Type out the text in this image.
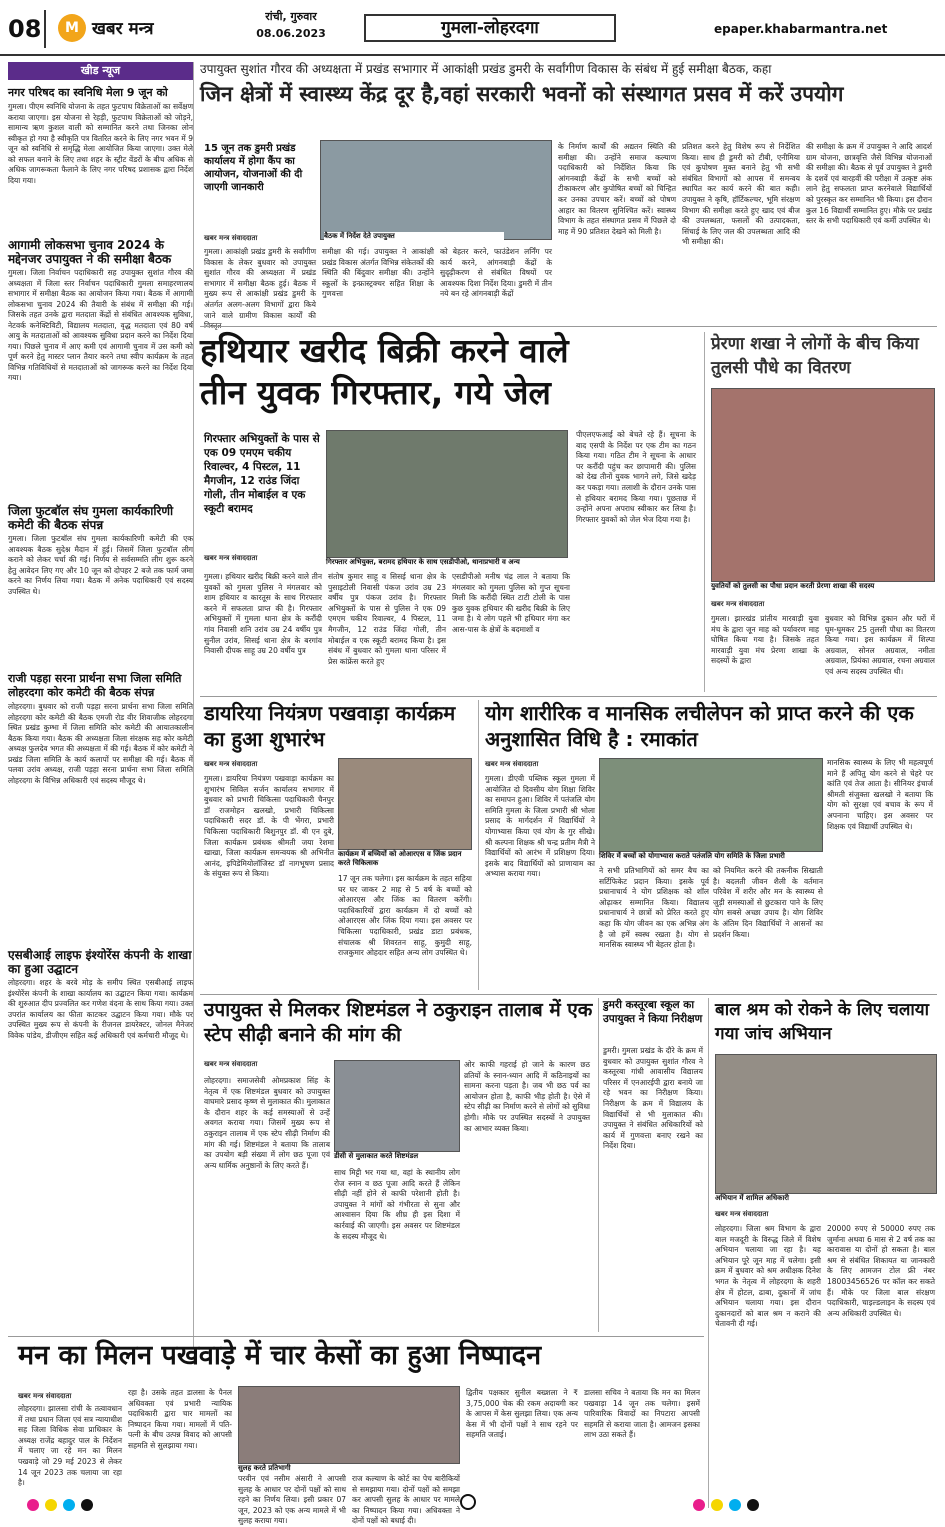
08	M खबर मन्त्र
रांची, गुरुवार
08.06.2023	गुमला-लोहरदगा	epaper.khabarmantra.net
खीड न्यूज
नगर परिषद का स्वनिधि मेला 9 जून को
गुमला। पीएम स्वनिधि योजना के तहत फुटपाथ विक्रेताओं का सर्वेक्षण कराया जाएगा। इस योजना से रेहड़ी, फुटपाथ विक्रेताओं को जोड़ने, सामान्य ऋण कुशल वाली को सम्मानित करने तथा जिनका लोन स्वीकृत हो गया है स्वीकृति पत्र वितरित करने के लिए नगर भवन में 9 जून को स्वनिधि से समृद्धि मेला आयोजित किया जाएगा। उक्त मेले को सफल बनाने के लिए तथा शहर के स्ट्रीट वेंडरों के बीच अधिक से अधिक जागरूकता फैलाने के लिए नगर परिषद प्रशासक द्वारा निर्देश दिया गया।
आगामी लोकसभा चुनाव 2024 के मद्देनजर उपायुक्त ने की समीक्षा बैठक
गुमला। जिला निर्वाचन पदाधिकारी सह उपायुक्त सुशांत गौरव की अध्यक्षता में जिला स्तर निर्वाचन पदाधिकारी गुमला समाहरणालय सभागार में समीक्षा बैठक का आयोजन किया गया। बैठक में आगामी लोकसभा चुनाव 2024 की तैयारी के संबंध में समीक्षा की गई। जिसके तहत उनके द्वारा मतदाता केंद्रों से संबंधित आवश्यक सुविधा, नेटवर्क कनेक्टिविटी, विद्यालय मतदाता, वृद्ध मतदाता एवं 80 वर्ष आयु के मतदाताओं को आवश्यक सुविधा प्रदान करने का निर्देश दिया गया। पिछले चुनाव में आए कमी एवं आगामी चुनाव में उस कमी को पूर्ण करने हेतु मास्टर प्लान तैयार करने तथा स्वीप कार्यक्रम के तहत विभिन्न गतिविधियों से मतदाताओं को जागरूक करने का निर्देश दिया गया।
जिला फुटबॉल संघ गुमला कार्यकारिणी कमेटी की बैठक संपन्न
गुमला। जिला फुटबॉल संघ गुमला कार्यकारिणी कमेटी की एक आवश्यक बैठक सुदेश्न मैदान में हुई। जिसमें जिला फुटबॉल लीग कराने को लेकर चर्चा की गई। निर्णय से सर्वसम्मति लीग शुरू करने हेतु आवेदन लिए गए और 10 जून को दोपहर 2 बजे तक फार्म जमा करने का निर्णय लिया गया। बैठक में अनेक पदाधिकारी एवं सदस्य उपस्थित थे।
राजी पड़हा सरना प्रार्थना सभा जिला समिति लोहरदगा कोर कमेटी की बैठक संपन्न
लोहरदगा। बुधवार को राजी पड़हा सरना प्रार्थना सभा जिला समिति लोहरदगा कोर कमेटी की बैठक एमजी रोड वीर शिवाजीक लोहरदगा स्थित प्रखंड कुम्भा में जिला समिति कोर कमेटी की आयातकालीन बैठक किया गया। बैठक की अध्यक्षता जिला संरक्षक सह कोर कमेटी अध्यक्ष फुलदेव भगत की अध्यक्षता में की गई। बैठक में कोर कमेटी ने प्रखंड जिला समिति के कार्य कलापों पर समीक्षा की गई। बैठक में पलवा उरांव अध्यक्ष, राजी पड़हा सरना प्रार्थना सभा जिला समिति लोहरदगा के विभिन्न अधिकारी एवं सदस्य मौजूद थे।
एसबीआई लाइफ इंश्योरेंस कंपनी के शाखा का हुआ उद्घाटन
लोहरदगा। शहर के बरवे मोड़ के समीप स्थित एसबीआई लाइफ इंश्योरेंस कंपनी के शाखा कार्यालय का उद्घाटन किया गया। कार्यक्रम की शुरुआत दीप प्रज्वलित कर गणेश वंदना के साथ किया गया। उक्त उपरांत कार्यालय का फीता काटकर उद्घाटन किया गया। मौके पर उपस्थित मुख्य रूप से कंपनी के रीजनल डायरेक्टर, जोनल मैनेजर विवेक पांडेय, डीजीएम सहित कई अधिकारी एवं कर्मचारी मौजूद थे।
उपायुक्त सुशांत गौरव की अध्यक्षता में प्रखंड सभागार में आकांक्षी प्रखंड डुमरी के सर्वांगीण विकास के संबंध में हुई समीक्षा बैठक, कहा
जिन क्षेत्रों में स्वास्थ्य केंद्र दूर है,वहां सरकारी भवनों को संस्थागत प्रसव में करें उपयोग
15 जून तक डुमरी प्रखंड कार्यालय में होगा कैंप का आयोजन, योजनाओं की दी जाएगी जानकारी
खबर मन्त्र संवाददाता	बैठक में निर्देश देते उपायुक्त
गुमला। आकांक्षी प्रखंड डुमरी के सर्वांगीण विकास के लेकर बुधवार को उपायुक्त सुशांत गौरव की अध्यक्षता में प्रखंड सभागार में समीक्षा बैठक हुई। बैठक में मुख्य रूप से आकांक्षी प्रखंड डुमरी के अंतर्गत अलग-अलग विभागों द्वारा किये जाने वाले ग्रामीण विकास कार्यों की
समीक्षा की गई। उपायुक्त ने आकांक्षी प्रखंड विकास अंतर्गत विभिन्न संकेतकों की स्थिति की बिंदुवार समीक्षा की। उन्होंने स्कूलों के इन्फ्रास्ट्रक्चर सहित शिक्षा के गुणवत्ता
को बेहतर करने, फाउंडेशन लर्निंग पर कार्य करने, आंगनबाड़ी केंद्रों के सुदृढ़ीकरण से संबंधित विषयों पर आवश्यक दिशा निर्देश दिया। डुमरी में तीन नये बन रहे आंगनबाड़ी केंद्रों
के निर्माण कार्यों की अद्यतन स्थिति की समीक्षा की। उन्होंने समाज कल्याण पदाधिकारी को निर्देशित किया कि आंगनबाड़ी केंद्रों के सभी बच्चों को टीकाकरण और कुपोषित बच्चों को चिन्हित कर उनका उपचार करें। बच्चों को पोषण आहार का वितरण सुनिश्चित करें। स्वास्थ्य विभाग के तहत संस्थागत प्रसव में पिछले दो माह में 90 प्रतिशत देखने को मिली है।
प्रतिशत करने हेतु विशेष रूप से निर्देशित किया। साथ ही डुमरी को टीबी, एनीमिया एवं कुपोषण मुक्त बनाने हेतु भी सभी संबंधित विभागों को आपस में समन्वय स्थापित कर कार्य करने की बात कही। उपायुक्त ने कृषि, हॉर्टिकल्चर, भूमि संरक्षण विभाग की समीक्षा करते हुए खाद एवं बीज की उपलब्धता, फसलों की उत्पादकता, सिंचाई के लिए जल की उपलब्धता आदि की भी समीक्षा की।
की समीक्षा के क्रम में उपायुक्त ने आदि आदर्श ग्राम योजना, छात्रवृत्ति जैसे विभिन्न योजनाओं की समीक्षा की। बैठक से पूर्व उपायुक्त ने डुमरी के दशवें एवं बारहवीं की परीक्षा में उत्कृष्ट अंक लाने हेतु सफलता प्राप्त करनेवाले विद्यार्थियों को पुरस्कृत कर सम्मानित भी किया। इस दौरान कुल 16 विद्यार्थी सम्मानित हुए। मौके पर प्रखंड स्तर के सभी पदाधिकारी एवं कर्मी उपस्थित थे।
हथियार खरीद बिक्री करने वाले
तीन युवक गिरफ्तार, गये जेल
गिरफ्तार अभियुक्तों के पास से एक 09 एमएम चकीय रिवाल्वर, 4 पिस्टल, 11 मैगजीन, 12 राउंड जिंदा गोली, तीन मोबाईल व एक स्कूटी बरामद
खबर मन्त्र संवाददाता	गिरफ्तार अभियुक्त, बरामद हथियार के साथ एसडीपीओ, थानाप्रभारी व अन्य
गुमला। हथियार खरीद बिक्री करने वाले तीन युवकों को गुमला पुलिस ने मंगलवार को शाम हथियार व कारतूस के साथ गिरफ्तार करने में सफलता प्राप्त की है। गिरफ्तार अभियुक्तों में गुमला थाना क्षेत्र के करौंदी गांव निवासी शनि उरांव उम्र 24 वर्षीय पुत्र सुनील उरांव, सिसई थाना क्षेत्र के बरगांव निवासी दीपक साहू उम्र 20 वर्षीय पुत्र
संतोष कुमार साहू व सिसई थाना क्षेत्र के पुसाइटोली निवासी पंकज उरांव उम्र 23 वर्षीय पुत्र पंकज उरांव है। गिरफ्तार अभियुक्तों के पास से पुलिस ने एक 09 एमएम चकीय रिवाल्वर, 4 पिस्टल, 11 मैगजीन, 12 राउंड जिंदा गोली, तीन मोबाईल व एक स्कूटी बरामद किया है। इस संबंध में बुधवार को गुमला थाना परिसर में प्रेस कांफ्रेंस करते हुए
एसडीपीओ मनीष चंद्र लाल ने बताया कि मंगलवार को गुमला पुलिस को गुप्त सूचना मिली कि करौंदी स्थित टाटी टोली के पास कुछ युवक हथियार की खरीद बिक्री के लिए जमा है। ये लोग पहले भी हथियार मंगा कर आस-पास के क्षेत्रों के बदमाशों व
पीएलएफआई को बेचते रहे हैं। सूचना के बाद एसपी के निर्देश पर एक टीम का गठन किया गया। गठित टीम ने सूचना के आधार पर करौंदी पहुंच कर छापामारी की। पुलिस को देख तीनों युवक भागने लगे, जिसे खदेड़ कर पकड़ा गया। तलाशी के दौरान उनके पास से हथियार बरामद किया गया। पूछताछ में उन्होंने अपना अपराध स्वीकार कर लिया है। गिरफ्तार युवकों को जेल भेज दिया गया है।
प्रेरणा शखा ने लोगों के बीच किया तुलसी पौधे का वितरण
युवतियों को तुलसी का पौधा प्रदान करती प्रेरणा शाखा की सदस्य
खबर मन्त्र संवाददाता
गुमला। झारखंड प्रांतीय मारवाड़ी युवा मंच के द्वारा जून माह को पर्यावरण माह घोषित किया गया है। जिसके तहत मारवाड़ी युवा मंच प्रेरणा शाखा के सदस्यों के द्वारा
बुधवार को विभिन्न दुकान और घरों में घूम-घूमकर 25 तुलसी पौधा का वितरण किया गया। इस कार्यक्रम में शिल्पा अग्रवाल, सोनल अग्रवाल, नमीता अग्रवाल, प्रियंका अग्रवाल, रचना अग्रवाल एवं अन्य सदस्य उपस्थित थी।
डायरिया नियंत्रण पखवाड़ा कार्यक्रम का हुआ शुभारंभ
खबर मन्त्र संवाददाता
कार्यक्रम में बच्चियों को ओआरएस व जिंक प्रदान करते चिकित्सक
गुमला। डायरिया नियंत्रण पखवाड़ा कार्यक्रम का शुभारंभ सिविल सर्जन कार्यालय सभागार में बुधवार को प्रभारी चिकित्सा पदाधिकारी चैनपुर डॉ राजमोहन खलखो, प्रभारी चिकित्सा पदाधिकारी सदर डॉ. के पी भेंगरा, प्रभारी चिकित्सा पदाधिकारी बिशुनपुर डॉ. बी एन दुबे, जिला कार्यक्रम प्रबंधक श्रीमती जया रेशमा खाखा, जिला कार्यक्रम समन्वयक श्री अभिनीत आनंद, इपिडेमियोलॉजिस्ट डॉ नागभूषण प्रसाद के संयुक्त रूप से किया।
17 जून तक चलेगा। इस कार्यक्रम के तहत सहिया घर घर जाकर 2 माह से 5 वर्ष के बच्चों को ओआरएस और जिंक का वितरण करेंगी। पदाधिकारियों द्वारा कार्यक्रम में दो बच्चों को ओआरएस और जिंक दिया गया। इस अवसर पर चिकित्सा पदाधिकारी, प्रखंड डाटा प्रबंधक, संचालक श्री शिवरतन साहू, कुमुदी साहू, राजकुमार ओहदार सहित अन्य लोग उपस्थित थे।
योग शारीरिक व मानसिक लचीलेपन को प्राप्त करने की एक अनुशासित विधि है : रमाकांत
खबर मन्त्र संवाददाता
गुमला। डीएवी पब्लिक स्कूल गुमला में आयोजित दो दिवसीय योग शिक्षा शिविर का समापन हुआ। शिविर में पतंजलि योग समिति गुमला के जिला प्रभारी श्री भोला प्रसाद के मार्गदर्शन में विद्यार्थियों ने योगाभ्यास किया एवं योग के गुर सीखे। श्री कल्पना शिक्षक श्री चन्द्र प्रतीम मैत्री ने विद्यार्थियों को आरंभ में प्रशिक्षण दिया। इसके बाद विद्यार्थियों को प्राणायाम का अभ्यास कराया गया।
शिविर में बच्चों को योगाभ्यास कराते पतंजलि योग समिति के जिला प्रभारी
ने सभी प्रतिभागियों को समर बैच का सर्टिफिकेट प्रदान किया। इसके पूर्व प्रधानाचार्य ने योग प्रशिक्षक को शॉल ओढ़ाकर सम्मानित किया। विद्यालय प्रधानाचार्य ने छात्रों को प्रेरित करते हुए कहा कि योग जीवन का एक अभिन्न अंग है जो हमें स्वस्थ रखता है। योग से मानसिक स्वास्थ्य भी बेहतर होता है।
को नियमित करने की तकनीक सिखाती है। बदलती जीवन शैली के वर्तमान परिवेश में शरीर और मन के स्वास्थ्य से जुड़ी समस्याओं से छुटकारा पाने के लिए योग सबसे अच्छा उपाय है। योग शिविर के अंतिम दिन विद्यार्थियों ने आसनों का प्रदर्शन किया।
मानसिक स्वास्थ्य के लिए भी महत्वपूर्ण माने हैं अपितु योग करने से चेहरे पर कांति एवं तेज आता है। सीनियर इंचार्ज श्रीमती संजुक्ता खलखो ने बताया कि योग को सुरक्षा एवं बचाव के रूप में अपनाना चाहिए। इस अवसर पर शिक्षक एवं विद्यार्थी उपस्थित थे।
उपायुक्त से मिलकर शिष्टमंडल ने ठकुराइन तालाब में एक स्टेप सीढ़ी बनाने की मांग की
खबर मन्त्र संवाददाता
लोहरदगा। समाजसेवी ओमप्रकाश सिंह के नेतृत्व में एक शिष्टमंडल बुधवार को उपायुक्त वाघमारे प्रसाद कृष्ण से मुलाकात की। मुलाकात के दौरान शहर के कई समस्याओं से उन्हें अवगत कराया गया। जिसमें मुख्य रूप से ठकुराइन तालाब में एक स्टेप सीढ़ी निर्माण की मांग की गई। शिष्टमंडल ने बताया कि तालाब का उपयोग बड़ी संख्या में लोग छठ पूजा एवं अन्य धार्मिक अनुष्ठानों के लिए करते हैं।
डीसी से मुलाकात करते शिष्टमंडल
साथ मिट्टी भर गया था, वहां के स्थानीय लोग रोज स्नान व छठ पूजा आदि करते हैं लेकिन सीढ़ी नहीं होने से काफी परेशानी होती है। उपायुक्त ने मांगों को गंभीरता से सुना और आश्वासन दिया कि शीघ्र ही इस दिशा में कार्रवाई की जाएगी। इस अवसर पर शिष्टमंडल के सदस्य मौजूद थे।
ओर काफी गहराई हो जाने के कारण छठ व्रतियों के स्नान-ध्यान आदि में कठिनाइयों का सामना करना पड़ता है। जब भी छठ पर्व का आयोजन होता है, काफी भीड़ होती है। ऐसे में स्टेप सीढ़ी का निर्माण करने से लोगों को सुविधा होगी। मौके पर उपस्थित सदस्यों ने उपायुक्त का आभार व्यक्त किया।
डुमरी कस्तूरबा स्कूल का उपायुक्त ने किया निरीक्षण
डुमरी। गुमला प्रखंड के दौरे के क्रम में बुधवार को उपायुक्त सुशांत गौरव ने कस्तूरबा गांधी आवासीय विद्यालय परिसर में एनआरईपी द्वारा बनाये जा रहे भवन का निरीक्षण किया। निरीक्षण के क्रम में विद्यालय के विद्यार्थियों से भी मुलाकात की। उपायुक्त ने संबंधित अधिकारियों को कार्य में गुणवत्ता बनाए रखने का निर्देश दिया।
बाल श्रम को रोकने के लिए चलाया गया जांच अभियान
अभियान में शामिल अधिकारी
खबर मन्त्र संवाददाता
लोहरदगा। जिला श्रम विभाग के द्वारा बाल मजदूरी के विरुद्ध जिले में विशेष अभियान चलाया जा रहा है। यह अभियान पूरे जून माह में चलेगा। इसी क्रम में बुधवार को श्रम अधीक्षक दिनेश भगत के नेतृत्व में लोहरदगा के शहरी क्षेत्र में होटल, ढाबा, दुकानों में जांच अभियान चलाया गया। इस दौरान दुकानदारों को बाल श्रम न कराने की चेतावनी दी गई।
20000 रुपए से 50000 रुपए तक जुर्माना अथवा 6 मास से 2 वर्ष तक का कारावास या दोनों हो सकता है। बाल श्रम से संबंधित शिकायत या जानकारी के लिए आमजन टोल फ्री नंबर 18003456526 पर कॉल कर सकते हैं। मौके पर जिला बाल संरक्षण पदाधिकारी, चाइल्डलाइन के सदस्य एवं अन्य अधिकारी उपस्थित थे।
मन का मिलन पखवाड़े में चार केसों का हुआ निष्पादन
खबर मन्त्र संवाददाता
लोहरदगा। झालसा रांची के तत्वावधान में तथा प्रधान जिला एवं सत्र न्यायाधीश सह जिला विधिक सेवा प्राधिकार के अध्यक्ष राजेंद्र बहादुर पाल के निर्देशन में चलाए जा रहे मन का मिलन पखवाड़े जो 29 मई 2023 से लेकर 14 जून 2023 तक चलाया जा रहा है।
रहा है। उसके तहत डालसा के पैनल अधिवक्ता एवं प्रभारी न्यायिक पदाधिकारी द्वारा चार मामलों का निष्पादन किया गया। मामलों में पति-पत्नी के बीच उत्पन्न विवाद को आपसी सहमति से सुलझाया गया।
सुलह करते प्रतिभागी
परवीन एवं नसीम अंसारी ने आपसी सुलह के आधार पर दोनों पक्षों को साथ रहने का निर्णय लिया। इसी प्रकार 07 जून, 2023 को एक अन्य मामले में भी सुलह कराया गया।
राज कल्याण के कोर्ट का पेच बारीकियों से समझाया गया। दोनों पक्षों को समझा कर आपसी सुलह के आधार पर मामले का निष्पादन किया गया। अधिवक्ता ने दोनों पक्षों को बधाई दी।
द्वितीय पक्षकार सुनील बख्शला ने ₹ 3,75,000 चेक की रकम अदायगी कर के आपस में केस सुलझा लिया। एक अन्य केस में भी दोनों पक्षों ने साथ रहने पर सहमति जताई।
डालसा सचिव ने बताया कि मन का मिलन पखवाड़ा 14 जून तक चलेगा। इसमें पारिवारिक विवादों का निपटारा आपसी सहमति से कराया जाता है। आमजन इसका लाभ उठा सकते हैं।
